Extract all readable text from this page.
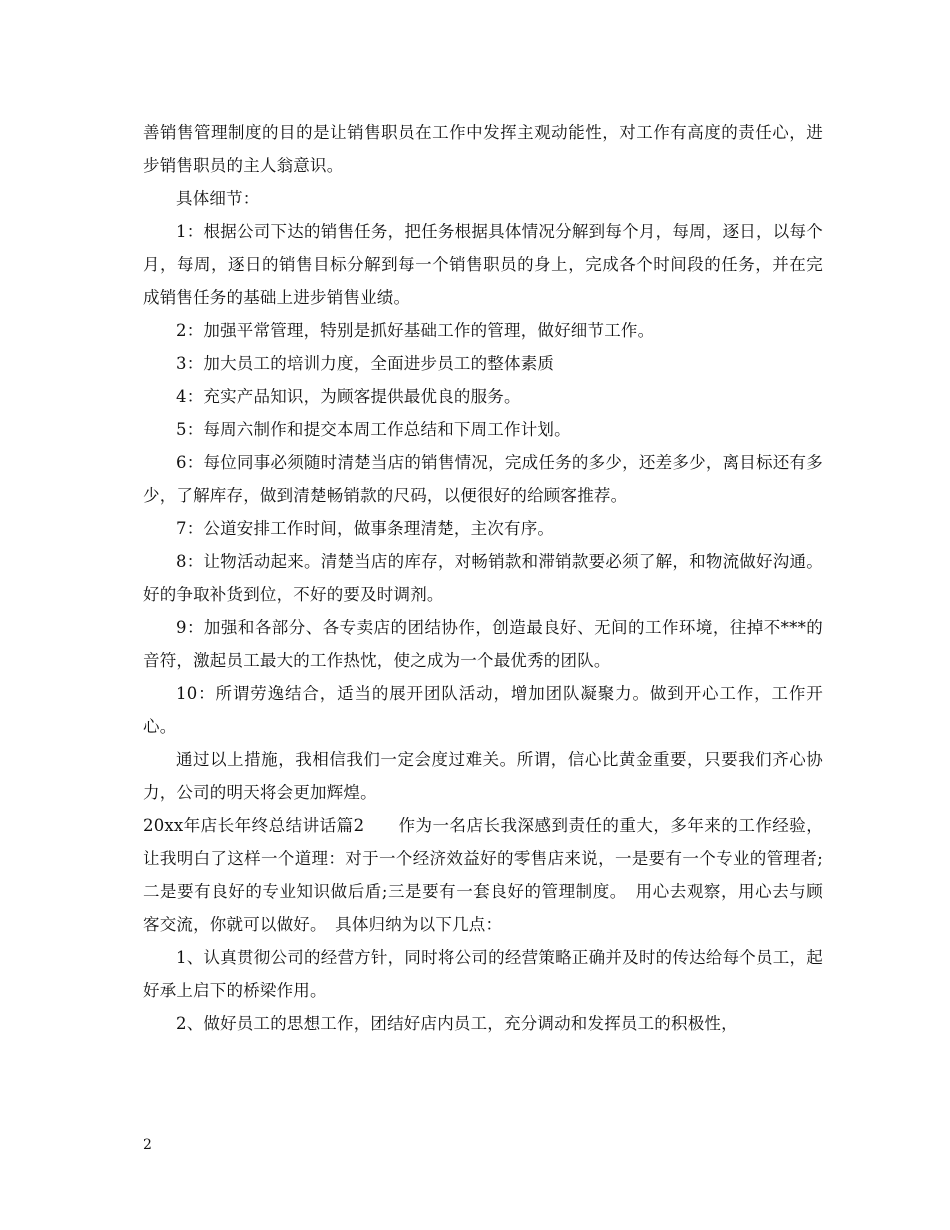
善销售管理制度的目的是让销售职员在工作中发挥主观动能性，对工作有高度的责任心，进步销售职员的主人翁意识。

具体细节：

1：根据公司下达的销售任务，把任务根据具体情况分解到每个月，每周，逐日，以每个月，每周，逐日的销售目标分解到每一个销售职员的身上，完成各个时间段的任务，并在完成销售任务的基础上进步销售业绩。

2：加强平常管理，特别是抓好基础工作的管理，做好细节工作。

3：加大员工的培训力度，全面进步员工的整体素质

4：充实产品知识，为顾客提供最优良的服务。

5：每周六制作和提交本周工作总结和下周工作计划。

6：每位同事必须随时清楚当店的销售情况，完成任务的多少，还差多少，离目标还有多少，了解库存，做到清楚畅销款的尺码，以便很好的给顾客推荐。

7：公道安排工作时间，做事条理清楚，主次有序。

8：让物活动起来。清楚当店的库存，对畅销款和滞销款要必须了解，和物流做好沟通。好的争取补货到位，不好的要及时调剂。

9：加强和各部分、各专卖店的团结协作，创造最良好、无间的工作环境，往掉不***的音符，激起员工最大的工作热忱，使之成为一个最优秀的团队。

10：所谓劳逸结合，适当的展开团队活动，增加团队凝聚力。做到开心工作，工作开心。

通过以上措施，我相信我们一定会度过难关。所谓，信心比黄金重要，只要我们齐心协力，公司的明天将会更加辉煌。

20xx年店长年终总结讲话篇2　　作为一名店长我深感到责任的重大，多年来的工作经验，让我明白了这样一个道理：对于一个经济效益好的零售店来说，一是要有一个专业的管理者;二是要有良好的专业知识做后盾;三是要有一套良好的管理制度。　用心去观察，用心去与顾客交流，你就可以做好。　具体归纳为以下几点：

1、认真贯彻公司的经营方针，同时将公司的经营策略正确并及时的传达给每个员工，起好承上启下的桥梁作用。

2、做好员工的思想工作，团结好店内员工，充分调动和发挥员工的积极性，

2
